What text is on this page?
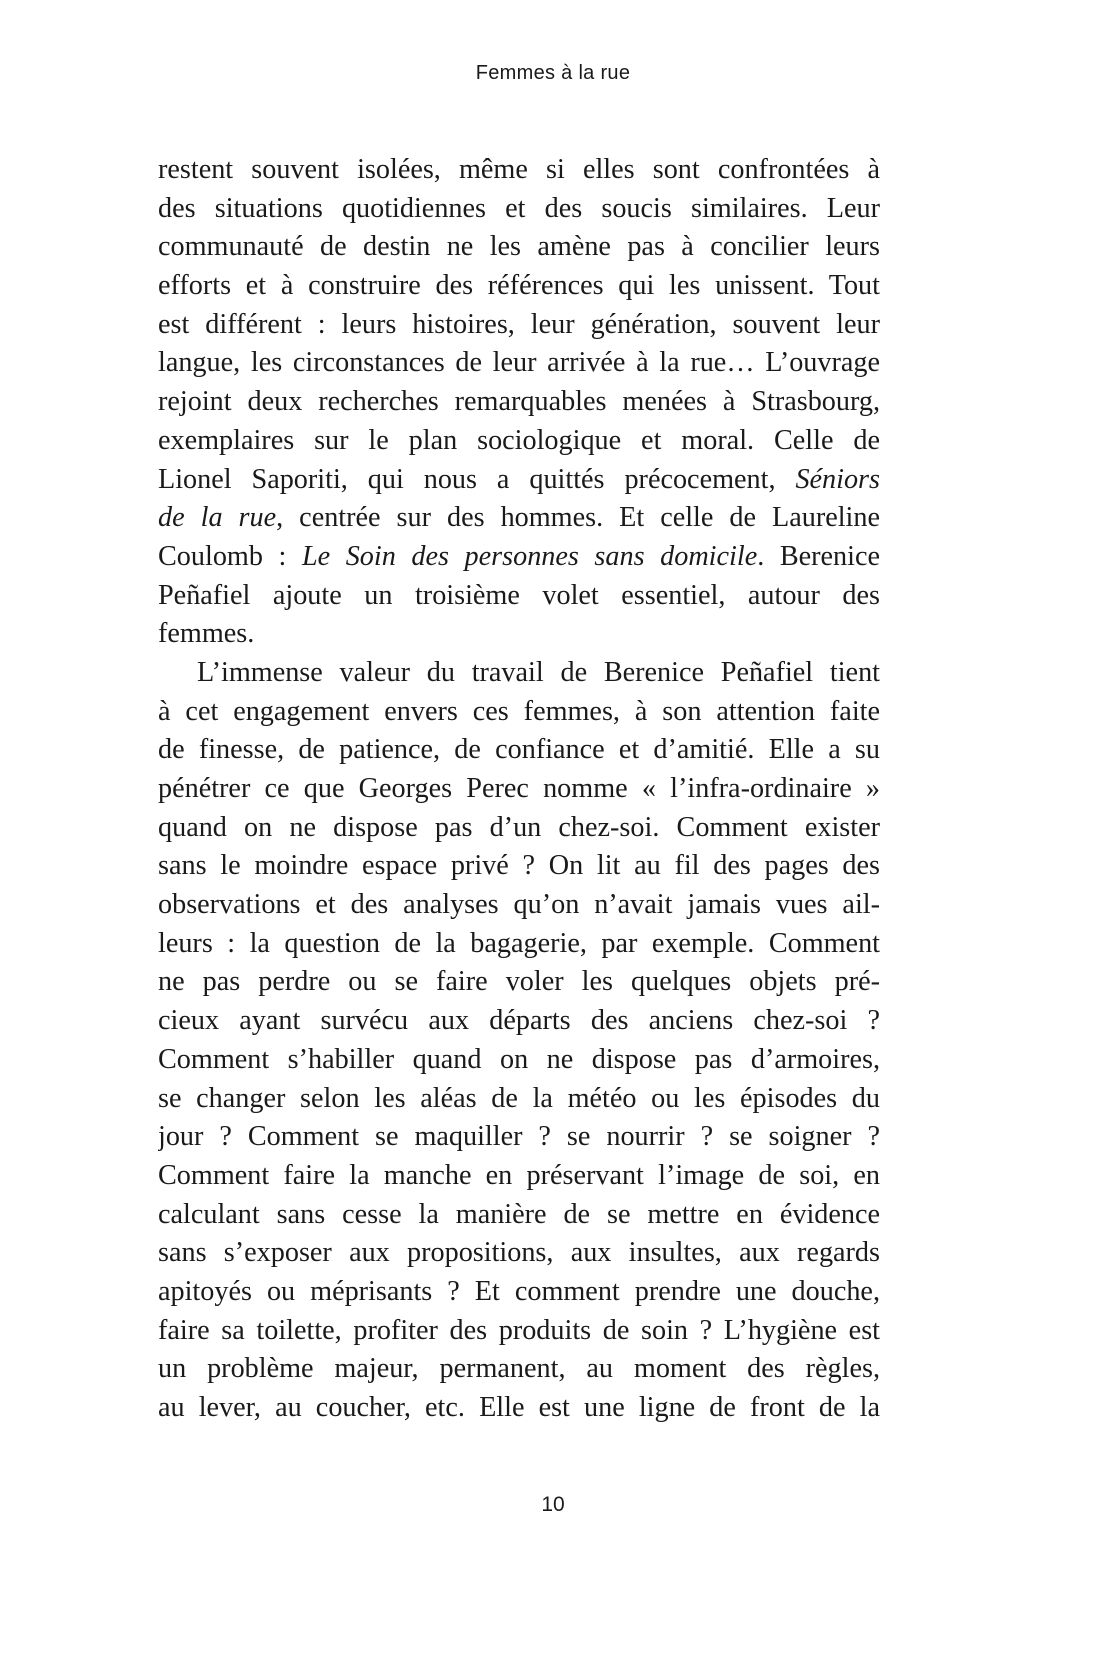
Femmes à la rue
restent souvent isolées, même si elles sont confrontées à
des situations quotidiennes et des soucis similaires. Leur
communauté de destin ne les amène pas à concilier leurs
efforts et à construire des références qui les unissent. Tout
est différent : leurs histoires, leur génération, souvent leur
langue, les circonstances de leur arrivée à la rue… L’ouvrage
rejoint deux recherches remarquables menées à Strasbourg,
exemplaires sur le plan sociologique et moral. Celle de
Lionel Saporiti, qui nous a quittés précocement, Séniors
de la rue, centrée sur des hommes. Et celle de Laureline
Coulomb : Le Soin des personnes sans domicile. Berenice
Peñafiel ajoute un troisième volet essentiel, autour des
femmes.
L’immense valeur du travail de Berenice Peñafiel tient
à cet engagement envers ces femmes, à son attention faite
de finesse, de patience, de confiance et d’amitié. Elle a su
pénétrer ce que Georges Perec nomme « l’infra-ordinaire »
quand on ne dispose pas d’un chez-soi. Comment exister
sans le moindre espace privé ? On lit au fil des pages des
observations et des analyses qu’on n’avait jamais vues ail-
leurs : la question de la bagagerie, par exemple. Comment
ne pas perdre ou se faire voler les quelques objets pré-
cieux ayant survécu aux départs des anciens chez-soi ?
Comment s’habiller quand on ne dispose pas d’armoires,
se changer selon les aléas de la météo ou les épisodes du
jour ? Comment se maquiller ? se nourrir ? se soigner ?
Comment faire la manche en préservant l’image de soi, en
calculant sans cesse la manière de se mettre en évidence
sans s’exposer aux propositions, aux insultes, aux regards
apitoyés ou méprisants ? Et comment prendre une douche,
faire sa toilette, profiter des produits de soin ? L’hygiène est
un problème majeur, permanent, au moment des règles,
au lever, au coucher, etc. Elle est une ligne de front de la
10
